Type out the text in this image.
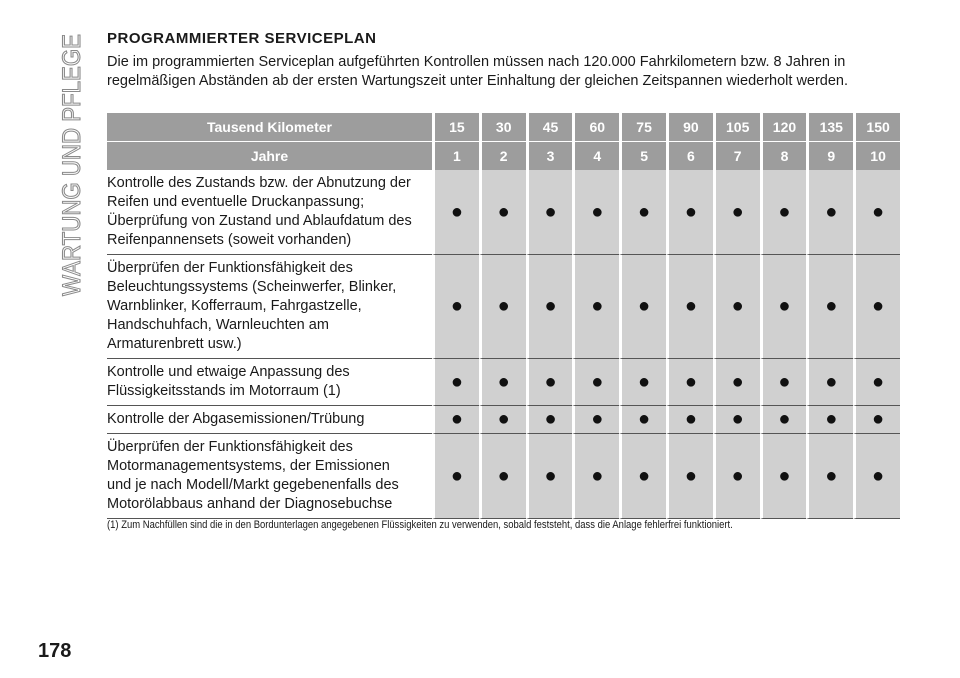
WARTUNG UND PFLEGE PROGRAMMIERTER SERVICEPLAN

Die im programmierten Serviceplan aufgeführten Kontrollen müssen nach 120.000 Fahrkilometern bzw. 8 Jahren in regelmäßigen Abständen ab der ersten Wartungszeit unter Einhaltung der gleichen Zeitspannen wiederholt werden.

Tausend Kilometer	15	30	45	60	75	90	105	120	135	150
Jahre	1	2	3	4	5	6	7	8	9	10
Kontrolle des Zustands bzw. der Abnutzung der Reifen und eventuelle Druckanpassung; Überprüfung von Zustand und Ablaufdatum des Reifenpannensets (soweit vorhanden)	●	●	●	●	●	●	●	●	●	●
Überprüfen der Funktionsfähigkeit des Beleuchtungssystems (Scheinwerfer, Blinker, Warnblinker, Kofferraum, Fahrgastzelle, Handschuhfach, Warnleuchten am Armaturenbrett usw.)	●	●	●	●	●	●	●	●	●	●
Kontrolle und etwaige Anpassung des Flüssigkeitsstands im Motorraum (1)	●	●	●	●	●	●	●	●	●	●
Kontrolle der Abgasemissionen/Trübung	●	●	●	●	●	●	●	●	●	●
Überprüfen der Funktionsfähigkeit des Motormanagementsystems, der Emissionen und je nach Modell/Markt gegebenenfalls des Motorölabbaus anhand der Diagnosebuchse	●	●	●	●	●	●	●	●	●	●
(1) Zum Nachfüllen sind die in den Bordunterlagen angegebenen Flüssigkeiten zu verwenden, sobald feststeht, dass die Anlage fehlerfrei funktioniert.
178
